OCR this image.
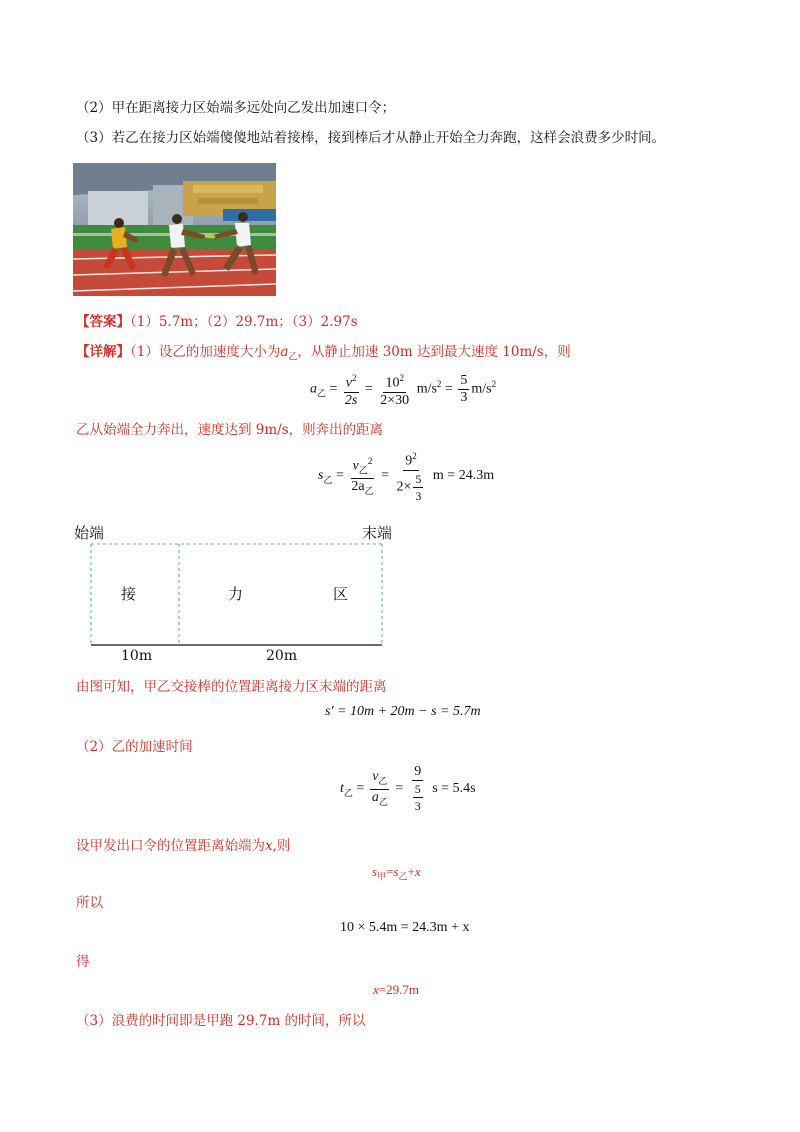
（2）甲在距离接力区始端多远处向乙发出加速口令；
（3）若乙在接力区始端傻傻地站着接棒，接到棒后才从静止开始全力奔跑，这样会浪费多少时间。
【答案】（1）5.7m；（2）29.7m；（3）2.97s
【详解】（1）设乙的加速度大小为$a_乙$，从静止加速 30m 达到最大速度 10m/s，则
$a_乙 = \frac{v^2}{2s} = \frac{10^2}{2\times 30} m/s^2 = \frac{5}{3} m/s^2$
乙从始端全力奔出，速度达到 9m/s，则奔出的距离
$s_乙 = \frac{v_乙^2}{2a_乙} = \frac{9^2}{2\times \frac{5}{3}}$ m = 24.3m
始端	末端
接	力	区
10m	20m
由图可知，甲乙交接棒的位置距离接力区末端的距离
s′ = 10m + 20m − s = 5.7m
（2）乙的加速时间
$t_乙 = \frac{v_乙}{a_乙} = \frac{9}{\frac{5}{3}}$ s = 5.4s
设甲发出口令的位置距离始端为x,则
$s_甲=s_乙+x$
所以
10 × 5.4m = 24.3m + x
得
x=29.7m
（3）浪费的时间即是甲跑 29.7m 的时间，所以
